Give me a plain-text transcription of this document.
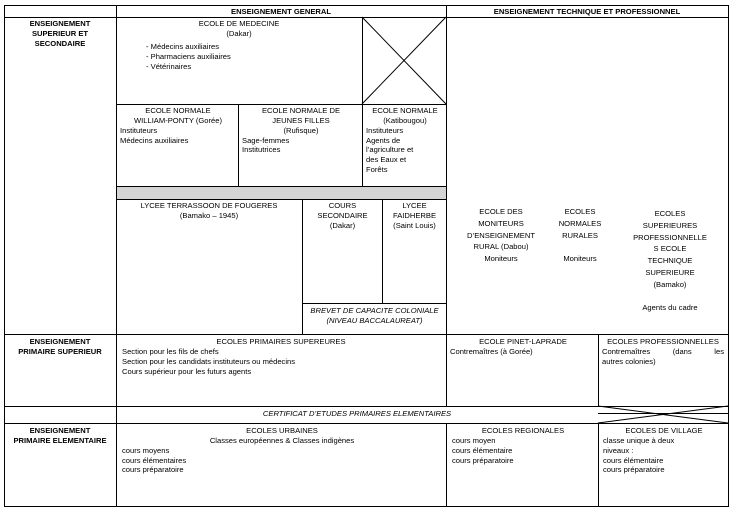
ENSEIGNEMENT GENERAL	ENSEIGNEMENT TECHNIQUE ET PROFESSIONNEL
ENSEIGNEMENT
SUPERIEUR ET
SECONDAIRE
ENSEIGNEMENT
PRIMAIRE SUPERIEUR
ENSEIGNEMENT
PRIMAIRE ELEMENTAIRE
ECOLE DE MEDECINE
(Dakar)
- Médecins auxiliaires
- Pharmaciens auxiliaires
- Vétérinaires
ECOLE NORMALE
WILLIAM-PONTY (Gorée)
Instituteurs
Médecins auxiliaires
ECOLE NORMALE DE
JEUNES FILLES
(Rufisque)
Sage-femmes
Institutrices
ECOLE NORMALE
(Katibougou)
Instituteurs
Agents de
l’agriculture et
des Eaux et
Forêts
LYCEE TERRASSOON DE FOUGERES
(Bamako – 1945)
COURS
SECONDAIRE
(Dakar)
LYCEE
FAIDHERBE
(Saint Louis)
BREVET DE CAPACITE COLONIALE
(NIVEAU BACCALAUREAT)
ECOLE DES
MONITEURS
D’ENSEIGNEMENT
RURAL (Dabou)
Moniteurs
ECOLES
NORMALES
RURALES

Moniteurs
ECOLES
SUPERIEURES
PROFESSIONNELLE
S ECOLE
TECHNIQUE
SUPERIEURE
(Bamako)

Agents du cadre
ECOLES PRIMAIRES SUPEREURES
Section pour les fils de chefs
Section pour les candidats instituteurs ou médecins
Cours supérieur pour les futurs agents
ECOLE PINET-LAPRADE
Contremaîtres (à Gorée)
ECOLES PROFESSIONNELLES
Contremaîtres	(dans	les
autres colonies)
CERTIFICAT D’ETUDES PRIMAIRES ELEMENTAIRES
ECOLES URBAINES
Classes européennes & Classes indigènes
cours moyens
cours élémentaires
cours préparatoire
ECOLES REGIONALES
cours moyen
cours élémentaire
cours préparatoire
ECOLES DE VILLAGE
classe unique à deux
niveaux :
cours élémentaire
cours préparatoire
